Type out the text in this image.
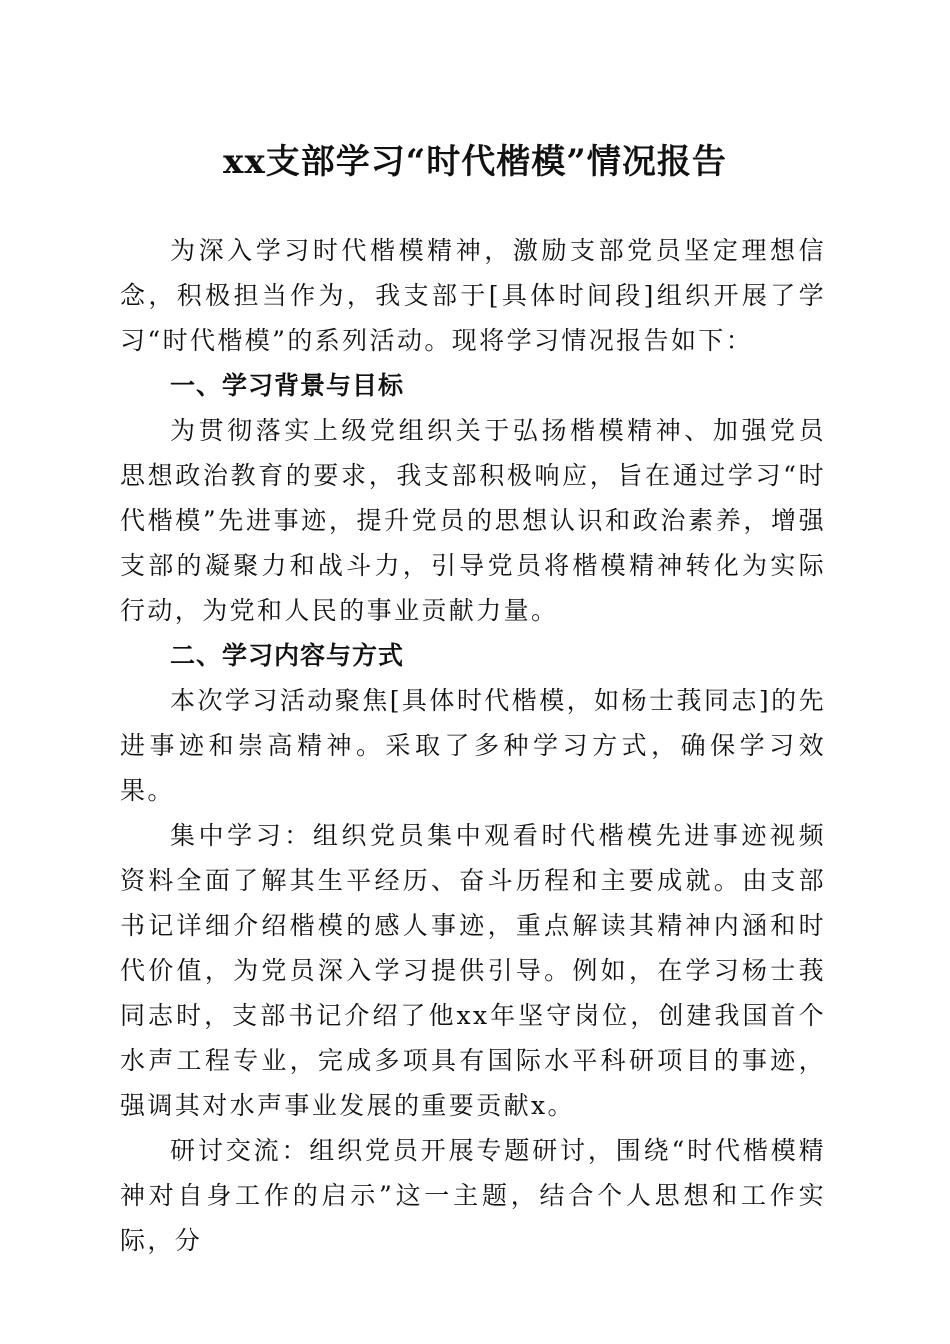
xx支部学习“时代楷模”情况报告

为深入学习时代楷模精神，激励支部党员坚定理想信念，积极担当作为，我支部于[具体时间段]组织开展了学习“时代楷模”的系列活动。现将学习情况报告如下：

一、学习背景与目标

为贯彻落实上级党组织关于弘扬楷模精神、加强党员思想政治教育的要求，我支部积极响应，旨在通过学习“时代楷模”先进事迹，提升党员的思想认识和政治素养，增强支部的凝聚力和战斗力，引导党员将楷模精神转化为实际行动，为党和人民的事业贡献力量。

二、学习内容与方式

本次学习活动聚焦[具体时代楷模，如杨士莪同志]的先进事迹和崇高精神。采取了多种学习方式，确保学习效果。

集中学习：组织党员集中观看时代楷模先进事迹视频资料全面了解其生平经历、奋斗历程和主要成就。由支部书记详细介绍楷模的感人事迹，重点解读其精神内涵和时代价值，为党员深入学习提供引导。例如，在学习杨士莪同志时，支部书记介绍了他xx年坚守岗位，创建我国首个水声工程专业，完成多项具有国际水平科研项目的事迹，强调其对水声事业发展的重要贡献x。

研讨交流：组织党员开展专题研讨，围绕“时代楷模精神对自身工作的启示”这一主题，结合个人思想和工作实际，分
